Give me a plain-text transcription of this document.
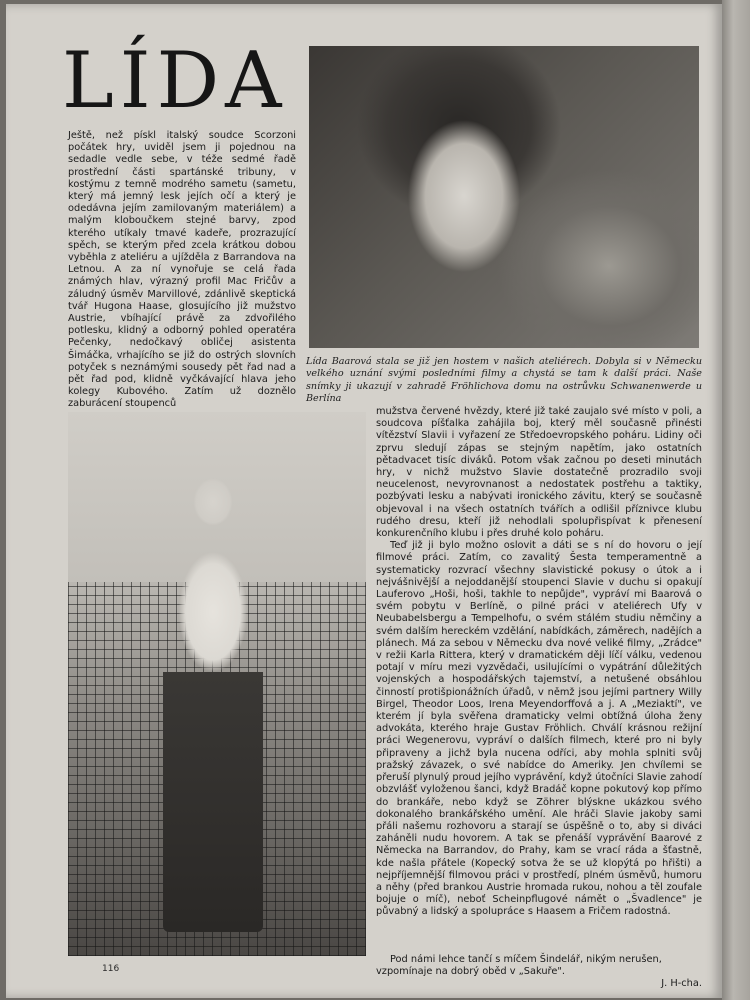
LÍDA

Ještě, než pískl italský soudce Scorzoni počátek hry, uviděl jsem ji pojednou na sedadle vedle sebe, v téže sedmé řadě prostřední části spartánské tribuny, v kostýmu z temně modrého sametu (sametu, který má jemný lesk jejích očí a který je odedávna jejím zamilovaným materiálem) a malým kloboučkem stejné barvy, zpod kterého utíkaly tmavé kadeře, prozrazující spěch, se kterým před zcela krátkou dobou vyběhla z ateliéru a ujížděla z Barrandova na Letnou. A za ní vynořuje se celá řada známých hlav, výrazný profil Mac Fričův a záludný úsměv Marvillové, zdánlivě skeptická tvář Hugona Haase, glosujícího již mužstvo Austrie, vbíhající právě za zdvořilého potlesku, klidný a odborný pohled operatéra Pečenky, nedočkavý obličej asistenta Šimáčka, vrhajícího se již do ostrých slovních potyček s neznámými sousedy pět řad nad a pět řad pod, klidně vyčkávající hlava jeho kolegy Kubového. Zatím už doznělo zaburácení stoupenců

Lída Baarová stala se již jen hostem v našich ateliérech. Dobyla si v Německu velkého uznání svými posledními filmy a chystá se tam k další práci. Naše snímky ji ukazují v zahradě Fröhlichova domu na ostrůvku Schwanenwerde u Berlína

mužstva červené hvězdy, které již také zaujalo své místo v poli, a soudcova píšťalka zahájila boj, který měl současně přinésti vítězství Slavii i vyřazení ze Středoevropského poháru. Lidiny oči zprvu sledují zápas se stejným napětím, jako ostatních pětadvacet tisíc diváků. Potom však začnou po deseti minutách hry, v nichž mužstvo Slavie dostatečně prozradilo svoji neucelenost, nevyrovnanost a nedostatek postřehu a taktiky, pozbývati lesku a nabývati ironického závitu, který se současně objevoval i na všech ostatních tvářích a odlišil příznivce klubu rudého dresu, kteří již nehodlali spolupřispívat k přenesení konkurenčního klubu i přes druhé kolo poháru.

Teď již ji bylo možno oslovit a dáti se s ní do hovoru o její filmové práci. Zatím, co zavalitý Šesta temperamentně a systematicky rozvrací všechny slavistické pokusy o útok a i nejvášnivější a nejoddanější stoupenci Slavie v duchu si opakují Lauferovo „Hoši, hoši, takhle to nepůjde", vypráví mi Baarová o svém pobytu v Berlíně, o pilné práci v ateliérech Ufy v Neubabelsbergu a Tempelhofu, o svém stálém studiu němčiny a svém dalším hereckém vzdělání, nabídkách, záměrech, nadějích a plánech. Má za sebou v Německu dva nové veliké filmy, „Zrádce" v režii Karla Rittera, který v dramatickém ději líčí válku, vedenou potají v míru mezi vyzvědači, usilujícími o vypátrání důležitých vojenských a hospodářských tajemství, a netušené obsáhlou činností protišpionážních úřadů, v němž jsou jejími partnery Willy Birgel, Theodor Loos, Irena Meyendorffová a j. A „Meziaktí", ve kterém jí byla svěřena dramaticky velmi obtížná úloha ženy advokáta, kterého hraje Gustav Fröhlich. Chválí krásnou režijní práci Wegenerovu, vypráví o dalších filmech, které pro ni byly připraveny a jichž byla nucena odříci, aby mohla splniti svůj pražský závazek, o své nabídce do Ameriky. Jen chvílemi se přeruší plynulý proud jejího vyprávění, když útočníci Slavie zahodí obzvlášť vyloženou šanci, když Bradáč kopne pokutový kop přímo do brankáře, nebo když se Zöhrer blýskne ukázkou svého dokonalého brankářského umění. Ale hráči Slavie jakoby sami přáli našemu rozhovoru a starají se úspěšně o to, aby si diváci zaháněli nudu hovorem. A tak se přenáší vyprávění Baarové z Německa na Barrandov, do Prahy, kam se vrací ráda a šťastně, kde našla přátele (Kopecký sotva že se už klopýtá po hřišti) a nejpříjemnější filmovou práci v prostředí, plném úsměvů, humoru a něhy (před brankou Austrie hromada rukou, nohou a těl zoufale bojuje o míč), neboť Scheinpflugové námět o „Švadlence" je půvabný a lidský a spolupráce s Haasem a Fričem radostná.

Pod námi lehce tančí s míčem Šindelář, nikým nerušen, vzpomínaje na dobrý oběd v „Sakuře".
J. H-cha.
116
